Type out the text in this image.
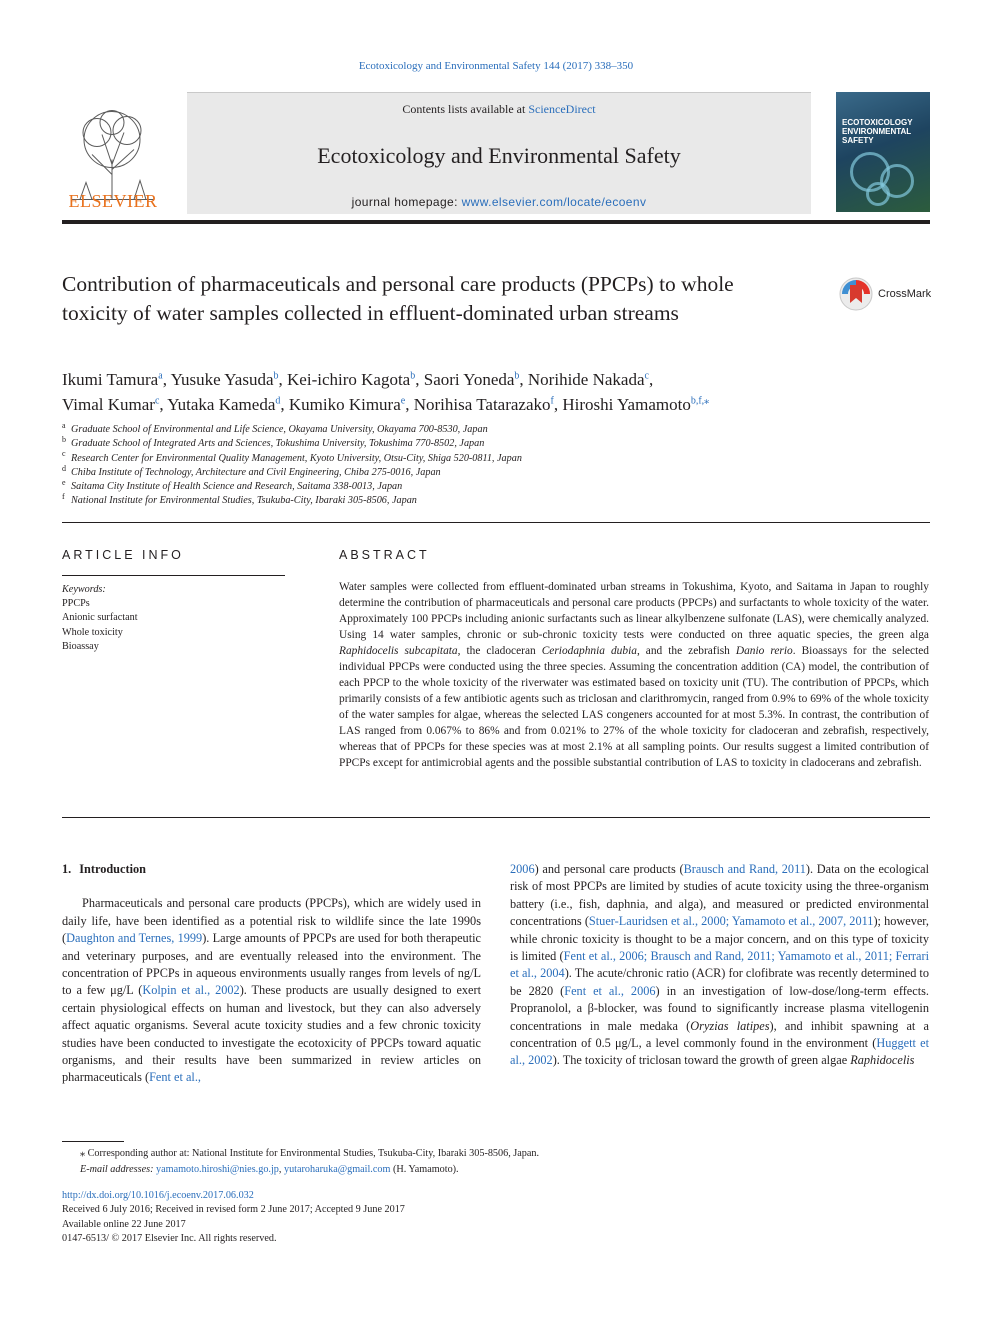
Ecotoxicology and Environmental Safety 144 (2017) 338–350
ELSEVIER
Contents lists available at ScienceDirect
Ecotoxicology and Environmental Safety
journal homepage: www.elsevier.com/locate/ecoenv
ECOTOXICOLOGY ENVIRONMENTAL SAFETY
Contribution of pharmaceuticals and personal care products (PPCPs) to whole toxicity of water samples collected in effluent-dominated urban streams
CrossMark
Ikumi Tamura$^a$, Yusuke Yasuda$^b$, Kei-ichiro Kagota$^b$, Saori Yoneda$^b$, Norihide Nakada$^c$,
Vimal Kumar$^c$, Yutaka Kameda$^d$, Kumiko Kimura$^e$, Norihisa Tatarazako$^f$, Hiroshi Yamamoto$^{b,f,⁎}$
a Graduate School of Environmental and Life Science, Okayama University, Okayama 700-8530, Japan
b Graduate School of Integrated Arts and Sciences, Tokushima University, Tokushima 770-8502, Japan
c Research Center for Environmental Quality Management, Kyoto University, Otsu-City, Shiga 520-0811, Japan
d Chiba Institute of Technology, Architecture and Civil Engineering, Chiba 275-0016, Japan
e Saitama City Institute of Health Science and Research, Saitama 338-0013, Japan
f National Institute for Environmental Studies, Tsukuba-City, Ibaraki 305-8506, Japan
ARTICLE INFO
Keywords:
PPCPs
Anionic surfactant
Whole toxicity
Bioassay
ABSTRACT
Water samples were collected from effluent-dominated urban streams in Tokushima, Kyoto, and Saitama in Japan to roughly determine the contribution of pharmaceuticals and personal care products (PPCPs) and surfactants to whole toxicity of the water. Approximately 100 PPCPs including anionic surfactants such as linear alkylbenzene sulfonate (LAS), were chemically analyzed. Using 14 water samples, chronic or sub-chronic toxicity tests were conducted on three aquatic species, the green alga Raphidocelis subcapitata, the cladoceran Ceriodaphnia dubia, and the zebrafish Danio rerio. Bioassays for the selected individual PPCPs were conducted using the three species. Assuming the concentration addition (CA) model, the contribution of each PPCP to the whole toxicity of the riverwater was estimated based on toxicity unit (TU). The contribution of PPCPs, which primarily consists of a few antibiotic agents such as triclosan and clarithromycin, ranged from 0.9% to 69% of the whole toxicity of the water samples for algae, whereas the selected LAS congeners accounted for at most 5.3%. In contrast, the contribution of LAS ranged from 0.067% to 86% and from 0.021% to 27% of the whole toxicity for cladoceran and zebrafish, respectively, whereas that of PPCPs for these species was at most 2.1% at all sampling points. Our results suggest a limited contribution of PPCPs except for antimicrobial agents and the possible substantial contribution of LAS to toxicity in cladocerans and zebrafish.
1. Introduction

Pharmaceuticals and personal care products (PPCPs), which are widely used in daily life, have been identified as a potential risk to wildlife since the late 1990s (Daughton and Ternes, 1999). Large amounts of PPCPs are used for both therapeutic and veterinary purposes, and are eventually released into the environment. The concentration of PPCPs in aqueous environments usually ranges from levels of ng/L to a few μg/L (Kolpin et al., 2002). These products are usually designed to exert certain physiological effects on human and livestock, but they can also adversely affect aquatic organisms. Several acute toxicity studies and a few chronic toxicity studies have been conducted to investigate the ecotoxicity of PPCPs toward aquatic organisms, and their results have been summarized in review articles on pharmaceuticals (Fent et al.,

2006) and personal care products (Brausch and Rand, 2011). Data on the ecological risk of most PPCPs are limited by studies of acute toxicity using the three-organism battery (i.e., fish, daphnia, and alga), and measured or predicted environmental concentrations (Stuer-Lauridsen et al., 2000; Yamamoto et al., 2007, 2011); however, while chronic toxicity is thought to be a major concern, and on this type of toxicity is limited (Fent et al., 2006; Brausch and Rand, 2011; Yamamoto et al., 2011; Ferrari et al., 2004). The acute/chronic ratio (ACR) for clofibrate was recently determined to be 2820 (Fent et al., 2006) in an investigation of low-dose/long-term effects. Propranolol, a β-blocker, was found to significantly increase plasma vitellogenin concentrations in male medaka (Oryzias latipes), and inhibit spawning at a concentration of 0.5 μg/L, a level commonly found in the environment (Huggett et al., 2002). The toxicity of triclosan toward the growth of green algae Raphidocelis
⁎ Corresponding author at: National Institute for Environmental Studies, Tsukuba-City, Ibaraki 305-8506, Japan.
E-mail addresses: yamamoto.hiroshi@nies.go.jp, yutaroharuka@gmail.com (H. Yamamoto).
http://dx.doi.org/10.1016/j.ecoenv.2017.06.032
Received 6 July 2016; Received in revised form 2 June 2017; Accepted 9 June 2017
Available online 22 June 2017
0147-6513/ © 2017 Elsevier Inc. All rights reserved.
